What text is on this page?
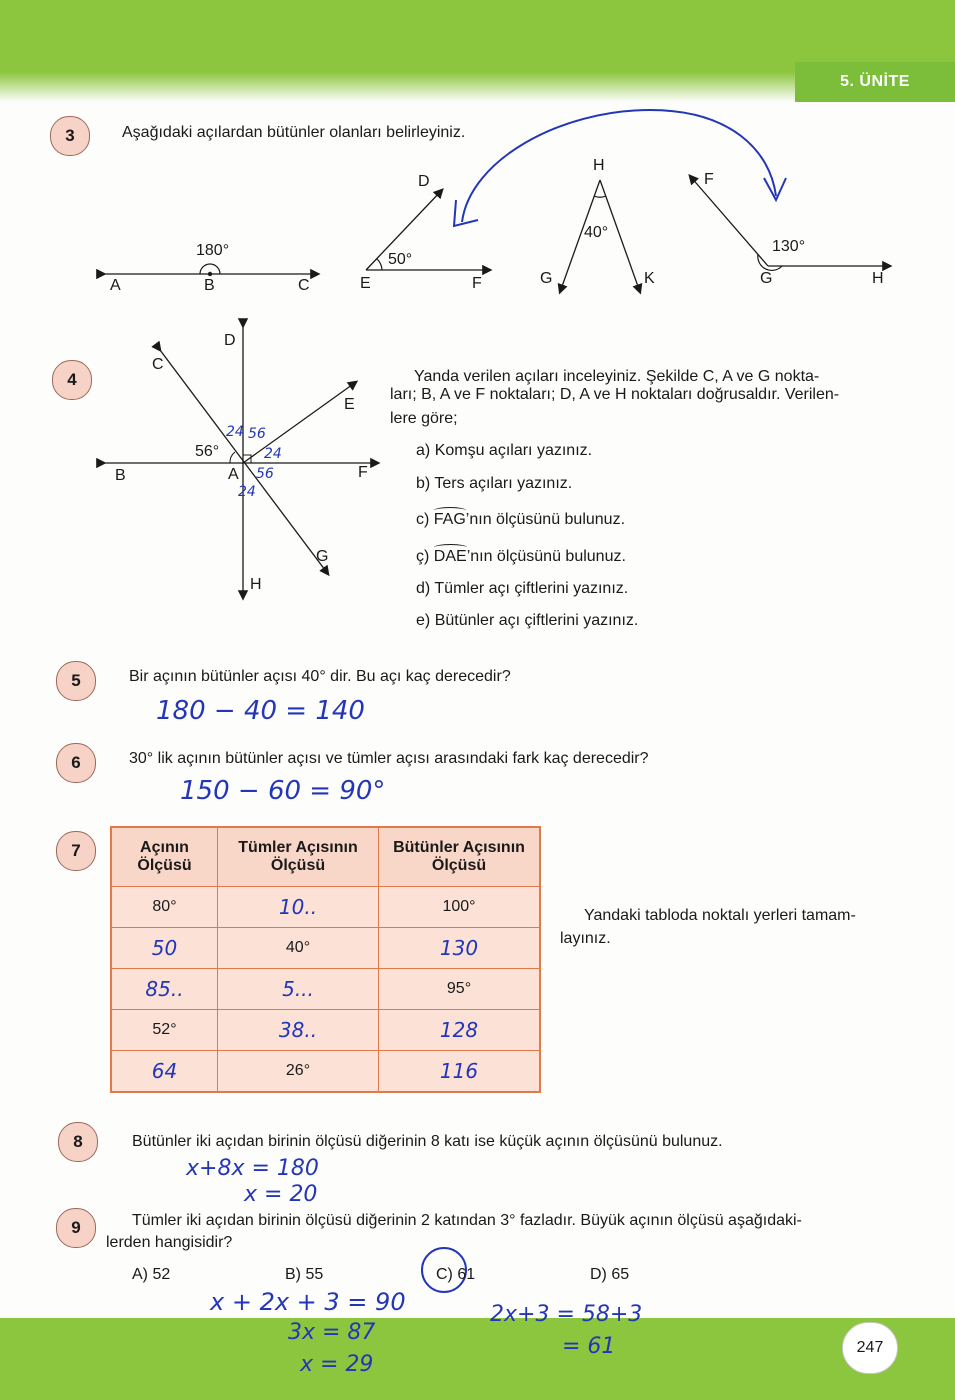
5. ÜNİTE
3	Aşağıdaki açılardan bütünler olanları belirleyiniz.
180°
A	B	C
50°
D
E	F
40°
H
G	K
130°
F
G	H
4
C
D
E
B	A	F
G
H
56°
24 56
24
56
24
Yanda verilen açıları inceleyiniz. Şekilde C, A ve G nokta-
ları; B, A ve F noktaları; D, A ve H noktaları doğrusaldır. Verilen-
lere göre;
a) Komşu açıları yazınız.
b) Ters açıları yazınız.
c) FAG’nın ölçüsünü bulunuz.
ç) DAE’nın ölçüsünü bulunuz.
d) Tümler açı çiftlerini yazınız.
e) Bütünler açı çiftlerini yazınız.
5	Bir açının bütünler açısı 40° dir. Bu açı kaç derecedir?
180 − 40 = 140
6	30° lik açının bütünler açısı ve tümler açısı arasındaki fark kaç derecedir?
150 − 60 = 90°
7	Açının Ölçüsü	Tümler Açısının Ölçüsü	Bütünler Açısının Ölçüsü
80°	10..	100°
50	40°	130
85..	5...	95°
52°	38..	128
64	26°	116
Yandaki tabloda noktalı yerleri tamam-
layınız.
8	Bütünler iki açıdan birinin ölçüsü diğerinin 8 katı ise küçük açının ölçüsünü bulunuz.
x+8x = 180
x = 20
9	Tümler iki açıdan birinin ölçüsü diğerinin 2 katından 3° fazladır. Büyük açının ölçüsü aşağıdaki-
lerden hangisidir?
A) 52	B) 55	C) 61	D) 65
x + 2x + 3 = 90
3x = 87
x = 29
2x+3 = 58+3
= 61	247
